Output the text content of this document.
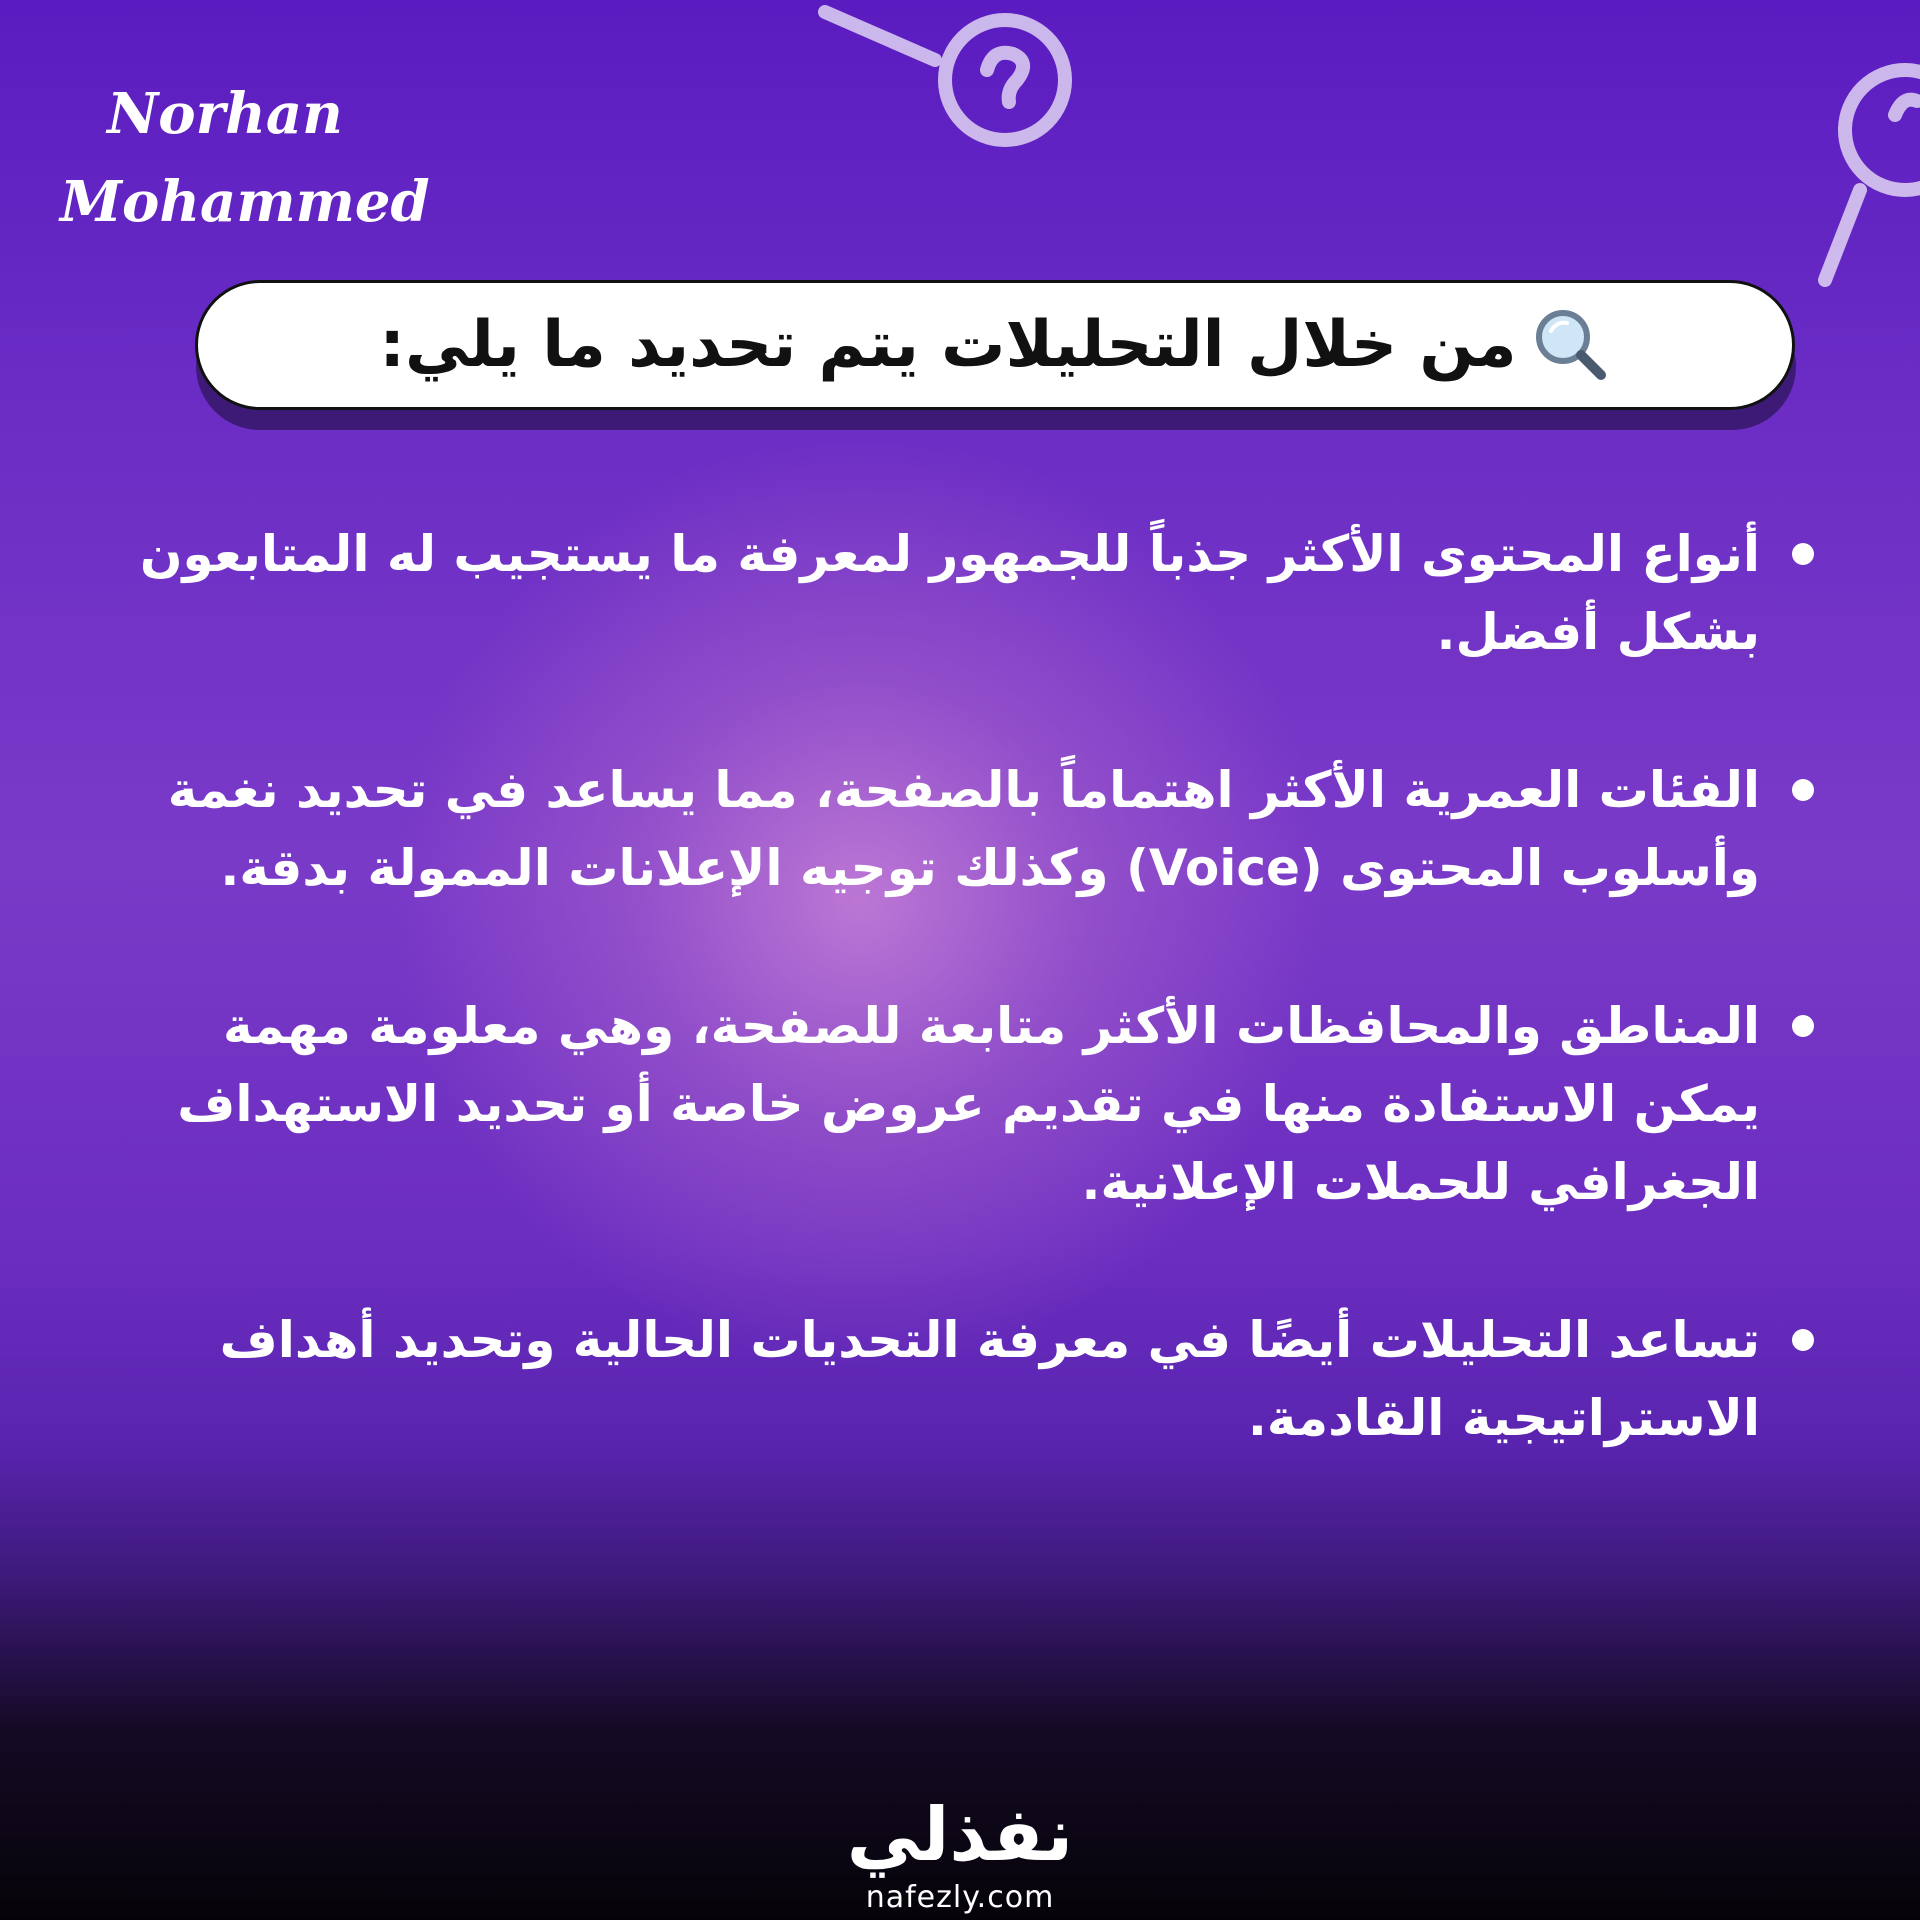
Norhan
Mohammed
من خلال التحليلات يتم تحديد ما يلي:
أنواع المحتوى الأكثر جذباً للجمهور لمعرفة ما يستجيب له المتابعون بشكل أفضل.
الفئات العمرية الأكثر اهتماماً بالصفحة، مما يساعد في تحديد نغمة وأسلوب المحتوى (Voice) وكذلك توجيه الإعلانات الممولة بدقة.
المناطق والمحافظات الأكثر متابعة للصفحة، وهي معلومة مهمة يمكن الاستفادة منها في تقديم عروض خاصة أو تحديد الاستهداف الجغرافي للحملات الإعلانية.
تساعد التحليلات أيضًا في معرفة التحديات الحالية وتحديد أهداف الاستراتيجية القادمة.
نفذلي
nafezly.com
